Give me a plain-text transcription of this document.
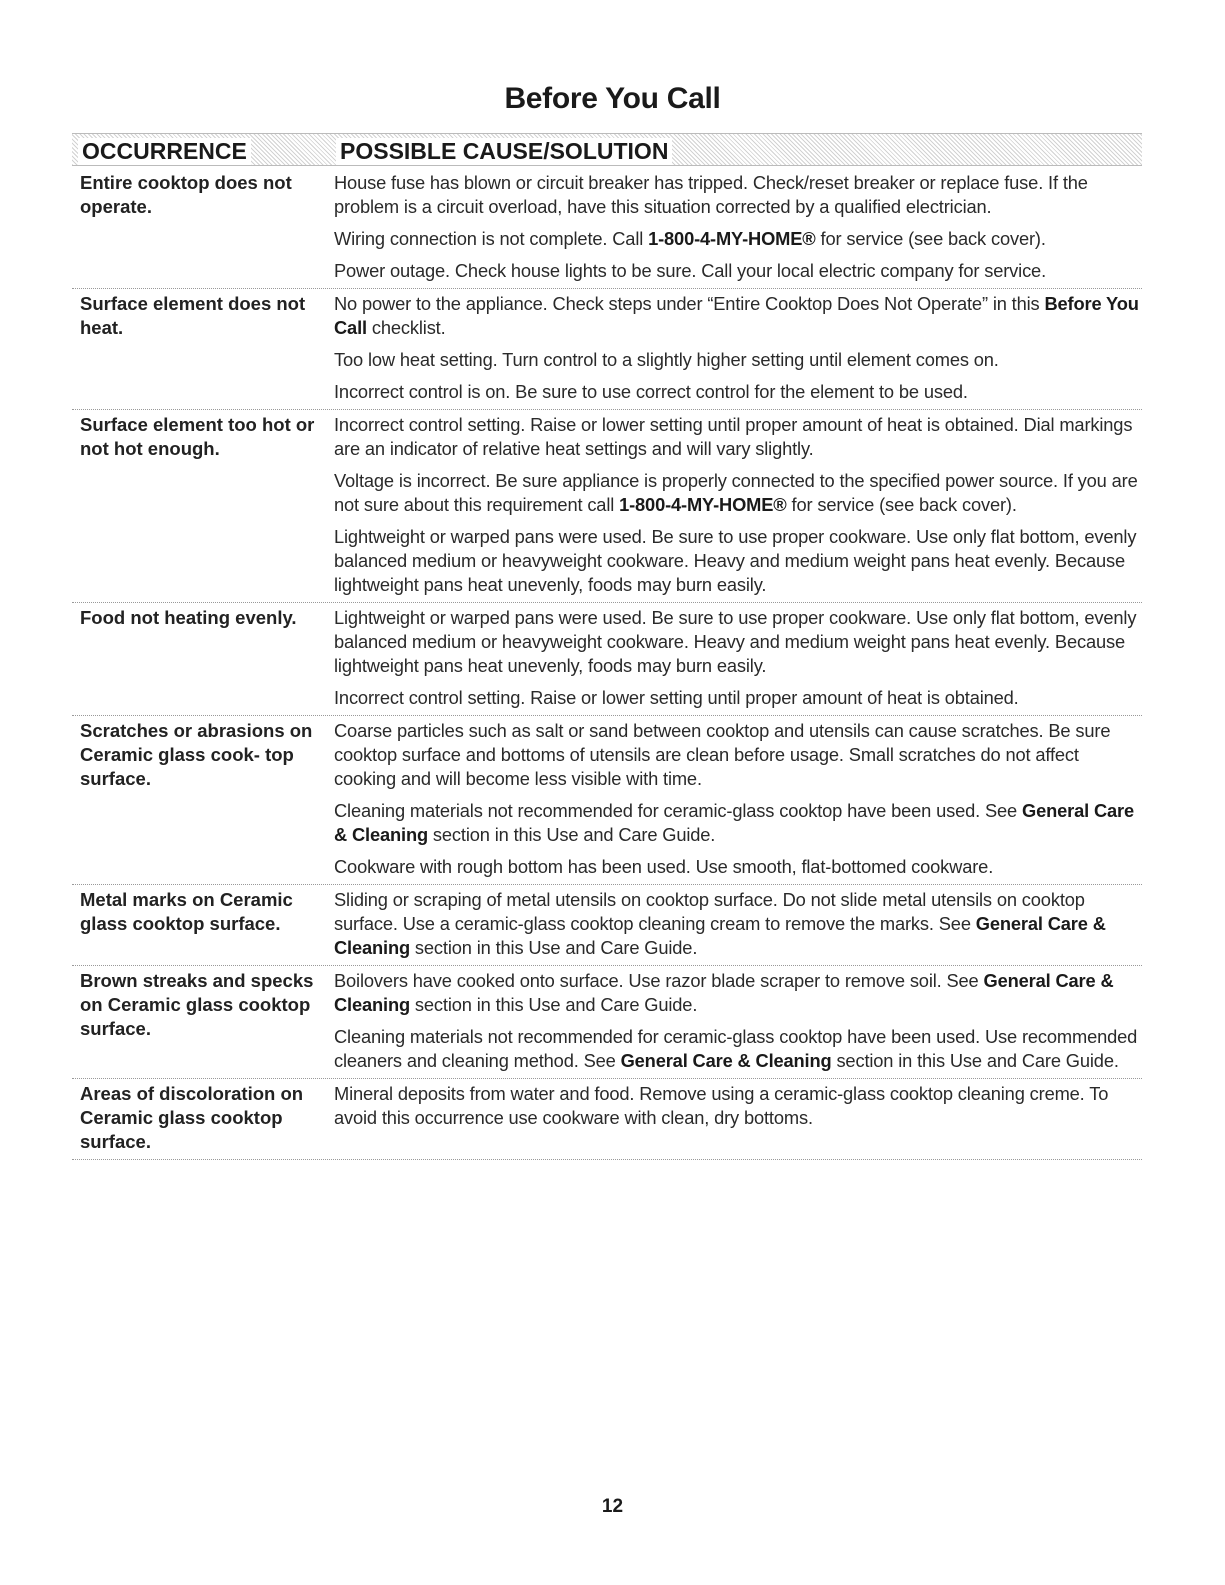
Before You Call
OCCURRENCE	POSSIBLE CAUSE/SOLUTION
Entire cooktop does not operate.

House fuse has blown or circuit breaker has tripped. Check/reset breaker or replace fuse. If the problem is a circuit overload, have this situation corrected by a qualified electrician.

Wiring connection is not complete. Call 1-800-4-MY-HOME® for service (see back cover).

Power outage. Check house lights to be sure. Call your local electric company for service.

Surface element does not heat.

No power to the appliance. Check steps under “Entire Cooktop Does Not Operate” in this Before You Call checklist.

Too low heat setting. Turn control to a slightly higher setting until element comes on.

Incorrect control is on. Be sure to use correct control for the element to be used.

Surface element too hot or not hot enough.

Incorrect control setting. Raise or lower setting until proper amount of heat is obtained. Dial markings are an indicator of relative heat settings and will vary slightly.

Voltage is incorrect. Be sure appliance is properly connected to the specified power source. If you are not sure about this requirement call 1-800-4-MY-HOME® for service (see back cover).

Lightweight or warped pans were used. Be sure to use proper cookware. Use only flat bottom, evenly balanced medium or heavyweight cookware. Heavy and medium weight pans heat evenly. Because lightweight pans heat unevenly, foods may burn easily.

Food not heating evenly.	Lightweight or warped pans were used. Be sure to use proper cookware. Use only flat bottom, evenly balanced medium or heavyweight cookware. Heavy and medium weight pans heat evenly. Because lightweight pans heat unevenly, foods may burn easily.

Incorrect control setting. Raise or lower setting until proper amount of heat is obtained.

Scratches or abrasions on Ceramic glass cook- top surface.

Coarse particles such as salt or sand between cooktop and utensils can cause scratches. Be sure cooktop surface and bottoms of utensils are clean before usage. Small scratches do not affect cooking and will become less visible with time.

Cleaning materials not recommended for ceramic-glass cooktop have been used. See General Care & Cleaning section in this Use and Care Guide.

Cookware with rough bottom has been used. Use smooth, flat-bottomed cookware.

Metal marks on Ceramic glass cooktop surface.

Sliding or scraping of metal utensils on cooktop surface. Do not slide metal utensils on cooktop surface. Use a ceramic-glass cooktop cleaning cream to remove the marks. See General Care & Cleaning section in this Use and Care Guide.

Brown streaks and specks on Ceramic glass cooktop surface.

Boilovers have cooked onto surface. Use razor blade scraper to remove soil. See General Care & Cleaning section in this Use and Care Guide.

Cleaning materials not recommended for ceramic-glass cooktop have been used. Use recommended cleaners and cleaning method. See General Care & Cleaning section in this Use and Care Guide.

Areas of discoloration on Ceramic glass cooktop surface.

Mineral deposits from water and food. Remove using a ceramic-glass cooktop cleaning creme. To avoid this occurrence use cookware with clean, dry bottoms.

12
